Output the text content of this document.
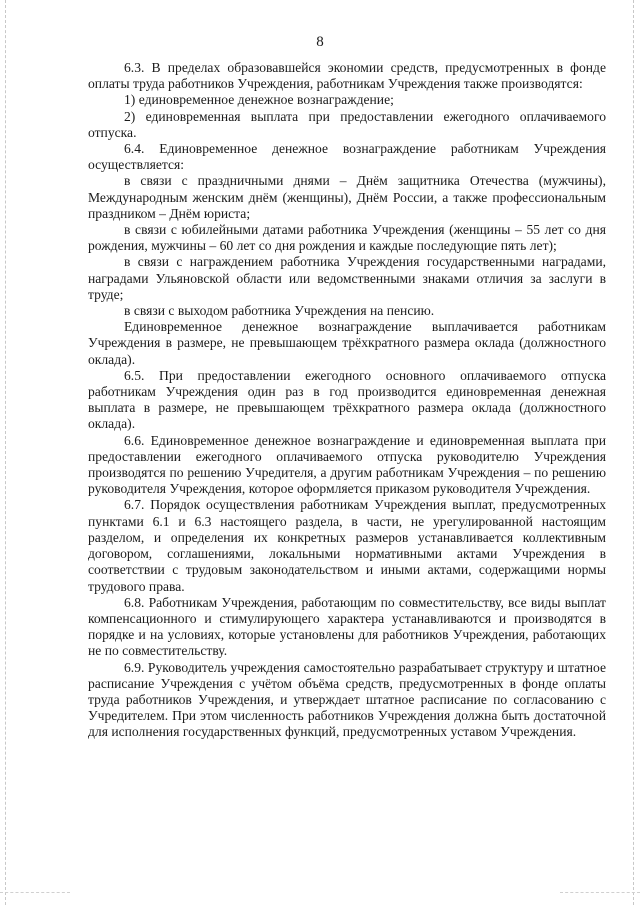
8

6.3. В пределах образовавшейся экономии средств, предусмотренных в фонде оплаты труда работников Учреждения, работникам Учреждения также производятся:

1) единовременное денежное вознаграждение;

2) единовременная выплата при предоставлении ежегодного оплачиваемого отпуска.

6.4. Единовременное денежное вознаграждение работникам Учреждения осуществляется:

в связи с праздничными днями – Днём защитника Отечества (мужчины), Международным женским днём (женщины), Днём России, а также профессиональным праздником – Днём юриста;

в связи с юбилейными датами работника Учреждения (женщины – 55 лет со дня рождения, мужчины – 60 лет со дня рождения и каждые последующие пять лет);

в связи с награждением работника Учреждения государственными наградами, наградами Ульяновской области или ведомственными знаками отличия за заслуги в труде;

в связи с выходом работника Учреждения на пенсию.

Единовременное денежное вознаграждение выплачивается работникам Учреждения в размере, не превышающем трёхкратного размера оклада (должностного оклада).

6.5. При предоставлении ежегодного основного оплачиваемого отпуска работникам Учреждения один раз в год производится единовременная денежная выплата в размере, не превышающем трёхкратного размера оклада (должностного оклада).

6.6. Единовременное денежное вознаграждение и единовременная выплата при предоставлении ежегодного оплачиваемого отпуска руководителю Учреждения производятся по решению Учредителя, а другим работникам Учреждения – по решению руководителя Учреждения, которое оформляется приказом руководителя Учреждения.

6.7. Порядок осуществления работникам Учреждения выплат, предусмотренных пунктами 6.1 и 6.3 настоящего раздела, в части, не урегулированной настоящим разделом, и определения их конкретных размеров устанавливается коллективным договором, соглашениями, локальными нормативными актами Учреждения в соответствии с трудовым законодательством и иными актами, содержащими нормы трудового права.

6.8. Работникам Учреждения, работающим по совместительству, все виды выплат компенсационного и стимулирующего характера устанавливаются и производятся в порядке и на условиях, которые установлены для работников Учреждения, работающих не по совместительству.

6.9. Руководитель учреждения самостоятельно разрабатывает структуру и штатное расписание Учреждения с учётом объёма средств, предусмотренных в фонде оплаты труда работников Учреждения, и утверждает штатное расписание по согласованию с Учредителем. При этом численность работников Учреждения должна быть достаточной для исполнения государственных функций, предусмотренных уставом Учреждения.
